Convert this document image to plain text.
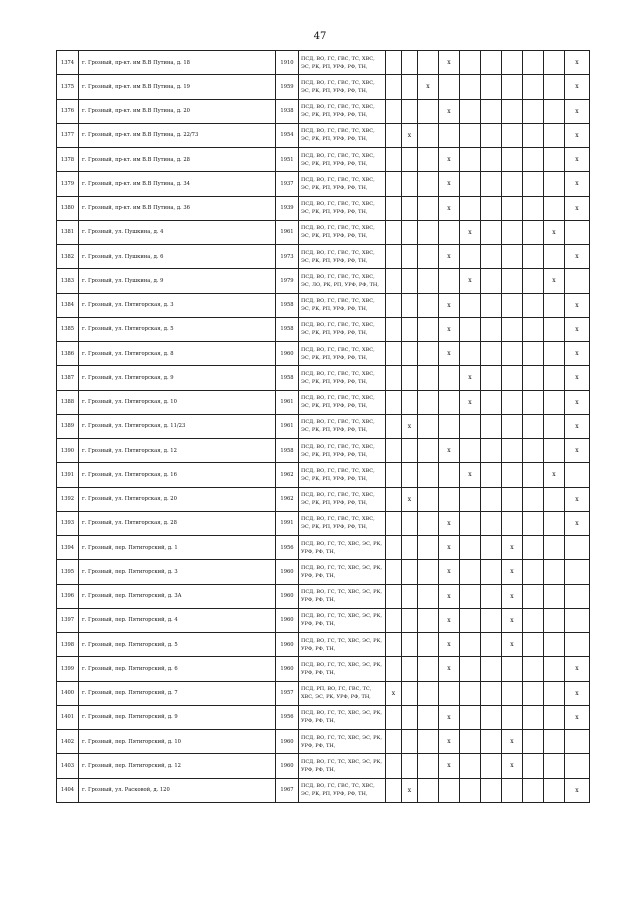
47
1374	г. Грозный, пр-кт. им В.В Путина, д. 18	1910	ПСД, ВО, ГС, ГВС, ТС, ХВС, ЭС, РК, РП, УРФ, РФ, ТН,				x						x
1375	г. Грозный, пр-кт. им В.В Путина, д. 19	1959	ПСД, ВО, ГС, ГВС, ТС, ХВС, ЭС, РК, РП, УРФ, РФ, ТН,			x							x
1376	г. Грозный, пр-кт. им В.В Путина, д. 20	1938	ПСД, ВО, ГС, ГВС, ТС, ХВС, ЭС, РК, РП, УРФ, РФ, ТН,				x						x
1377	г. Грозный, пр-кт. им В.В Путина, д. 22/73	1954	ПСД, ВО, ГС, ГВС, ТС, ХВС, ЭС, РК, РП, УРФ, РФ, ТН,		x								x
1378	г. Грозный, пр-кт. им В.В Путина, д. 28	1951	ПСД, ВО, ГС, ГВС, ТС, ХВС, ЭС, РК, РП, УРФ, РФ, ТН,				x						x
1379	г. Грозный, пр-кт. им В.В Путина, д. 34	1937	ПСД, ВО, ГС, ГВС, ТС, ХВС, ЭС, РК, РП, УРФ, РФ, ТН,				x						x
1380	г. Грозный, пр-кт. им В.В Путина, д. 36	1939	ПСД, ВО, ГС, ГВС, ТС, ХВС, ЭС, РК, РП, УРФ, РФ, ТН,				x						x
1381	г. Грозный, ул. Пушкина, д. 4	1961	ПСД, ВО, ГС, ГВС, ТС, ХВС, ЭС, РК, РП, УРФ, РФ, ТН,					x				x	
1382	г. Грозный, ул. Пушкина, д. 6	1973	ПСД, ВО, ГС, ГВС, ТС, ХВС, ЭС, РК, РП, УРФ, РФ, ТН,				x						x
1383	г. Грозный, ул. Пушкина, д. 9	1979	ПСД, ВО, ГС, ГВС, ТС, ХВС, ЭС, ЛО, РК, РП, УРФ, РФ, ТН,					x				x	
1384	г. Грозный, ул. Пятигорская, д. 3	1958	ПСД, ВО, ГС, ГВС, ТС, ХВС, ЭС, РК, РП, УРФ, РФ, ТН,				x						x
1385	г. Грозный, ул. Пятигорская, д. 5	1958	ПСД, ВО, ГС, ГВС, ТС, ХВС, ЭС, РК, РП, УРФ, РФ, ТН,				x						x
1386	г. Грозный, ул. Пятигорская, д. 8	1960	ПСД, ВО, ГС, ГВС, ТС, ХВС, ЭС, РК, РП, УРФ, РФ, ТН,				x						x
1387	г. Грозный, ул. Пятигорская, д. 9	1958	ПСД, ВО, ГС, ГВС, ТС, ХВС, ЭС, РК, РП, УРФ, РФ, ТН,					x					x
1388	г. Грозный, ул. Пятигорская, д. 10	1961	ПСД, ВО, ГС, ГВС, ТС, ХВС, ЭС, РК, РП, УРФ, РФ, ТН,					x					x
1389	г. Грозный, ул. Пятигорская, д. 11/23	1961	ПСД, ВО, ГС, ГВС, ТС, ХВС, ЭС, РК, РП, УРФ, РФ, ТН,		x								x
1390	г. Грозный, ул. Пятигорская, д. 12	1958	ПСД, ВО, ГС, ГВС, ТС, ХВС, ЭС, РК, РП, УРФ, РФ, ТН,				x						x
1391	г. Грозный, ул. Пятигорская, д. 16	1962	ПСД, ВО, ГС, ГВС, ТС, ХВС, ЭС, РК, РП, УРФ, РФ, ТН,					x				x	
1392	г. Грозный, ул. Пятигорская, д. 20	1962	ПСД, ВО, ГС, ГВС, ТС, ХВС, ЭС, РК, РП, УРФ, РФ, ТН,		x								x
1393	г. Грозный, ул. Пятигорская, д. 28	1991	ПСД, ВО, ГС, ГВС, ТС, ХВС, ЭС, РК, РП, УРФ, РФ, ТН,				x						x
1394	г. Грозный, пер. Пятигорский, д. 1	1956	ПСД, ВО, ГС, ТС, ХВС, ЭС, РК, УРФ, РФ, ТН,				x			x			
1395	г. Грозный, пер. Пятигорский, д. 3	1960	ПСД, ВО, ГС, ТС, ХВС, ЭС, РК, УРФ, РФ, ТН,				x			x			
1396	г. Грозный, пер. Пятигорский, д. 3А	1960	ПСД, ВО, ГС, ТС, ХВС, ЭС, РК, УРФ, РФ, ТН,				x			x			
1397	г. Грозный, пер. Пятигорский, д. 4	1960	ПСД, ВО, ГС, ТС, ХВС, ЭС, РК, УРФ, РФ, ТН,				x			x			
1398	г. Грозный, пер. Пятигорский, д. 5	1960	ПСД, ВО, ГС, ТС, ХВС, ЭС, РК, УРФ, РФ, ТН,				x			x			
1399	г. Грозный, пер. Пятигорский, д. 6	1960	ПСД, ВО, ГС, ТС, ХВС, ЭС, РК, УРФ, РФ, ТН,				x						x
1400	г. Грозный, пер. Пятигорский, д. 7	1957	ПСД, РП, ВО, ГС, ГВС, ТС, ХВС, ЭС, РК, УРФ, РФ, ТН,	x									x
1401	г. Грозный, пер. Пятигорский, д. 9	1956	ПСД, ВО, ГС, ТС, ХВС, ЭС, РК, УРФ, РФ, ТН,				x						x
1402	г. Грозный, пер. Пятигорский, д. 10	1960	ПСД, ВО, ГС, ТС, ХВС, ЭС, РК, УРФ, РФ, ТН,				x			x			
1403	г. Грозный, пер. Пятигорский, д. 12	1960	ПСД, ВО, ГС, ТС, ХВС, ЭС, РК, УРФ, РФ, ТН,				x			x			
1404	г. Грозный, ул. Расковой, д. 120	1967	ПСД, ВО, ГС, ГВС, ТС, ХВС, ЭС, РК, РП, УРФ, РФ, ТН,		x								x
